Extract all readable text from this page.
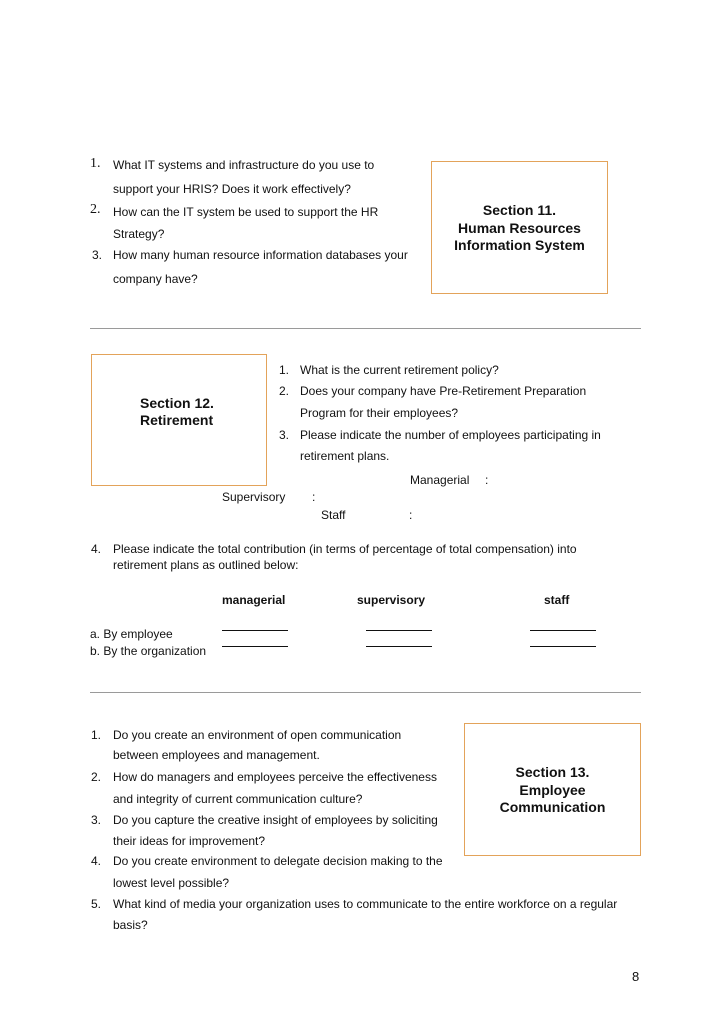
1. What IT systems and infrastructure do you use to
support your HRIS? Does it work effectively?
2. How can the IT system be used to support the HR
Strategy?
3. How many human resource information databases your
company have?
Section 11.
Human Resources
Information System
Section 12.
Retirement
1. What is the current retirement policy?
2. Does your company have Pre-Retirement Preparation
Program for their employees?
3. Please indicate the number of employees participating in
retirement plans.
Managerial :
Supervisory :
Staff	:
4. Please indicate the total contribution (in terms of percentage of total compensation) into
retirement plans as outlined below:
managerial	supervisory	staff
a. By employee
b. By the organization
1. Do you create an environment of open communication
between employees and management.
2. How do managers and employees perceive the effectiveness
and integrity of current communication culture?
3. Do you capture the creative insight of employees by soliciting
their ideas for improvement?
4. Do you create environment to delegate decision making to the
lowest level possible?
5. What kind of media your organization uses to communicate to the entire workforce on a regular
basis?
Section 13.
Employee
Communication
8
